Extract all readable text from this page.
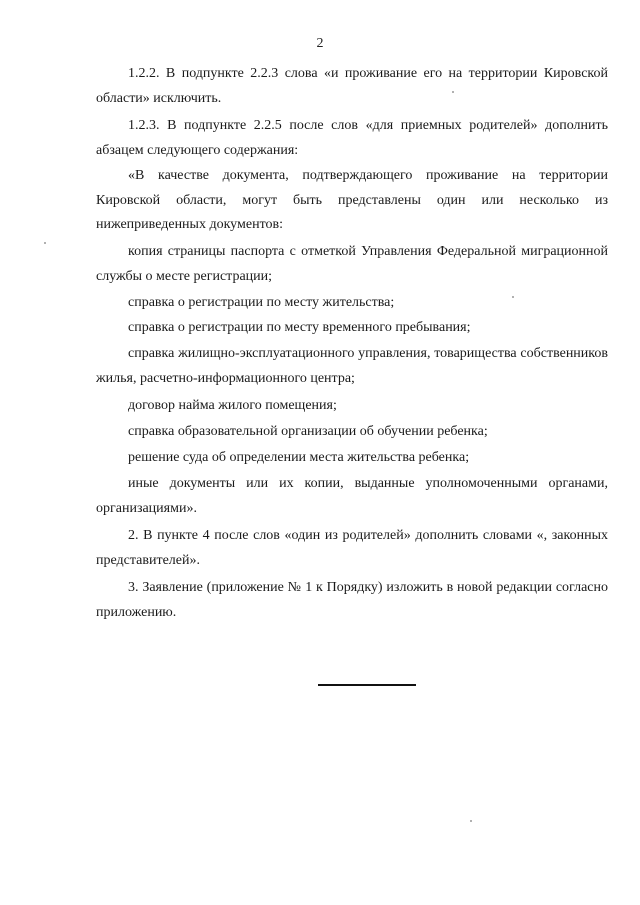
2

1.2.2. В подпункте 2.2.3 слова «и проживание его на территории Кировской области» исключить.

1.2.3. В подпункте 2.2.5 после слов «для приемных родителей» дополнить абзацем следующего содержания:

«В качестве документа, подтверждающего проживание на территории Кировской области, могут быть представлены один или несколько из нижеприведенных документов:

копия страницы паспорта с отметкой Управления Федеральной миграционной службы о месте регистрации;

справка о регистрации по месту жительства;

справка о регистрации по месту временного пребывания;

справка жилищно-эксплуатационного управления, товарищества собственников жилья, расчетно-информационного центра;

договор найма жилого помещения;

справка образовательной организации об обучении ребенка;

решение суда об определении места жительства ребенка;

иные документы или их копии, выданные уполномоченными органами, организациями».

2. В пункте 4 после слов «один из родителей» дополнить словами «, законных представителей».

3. Заявление (приложение № 1 к Порядку) изложить в новой редакции согласно приложению.
